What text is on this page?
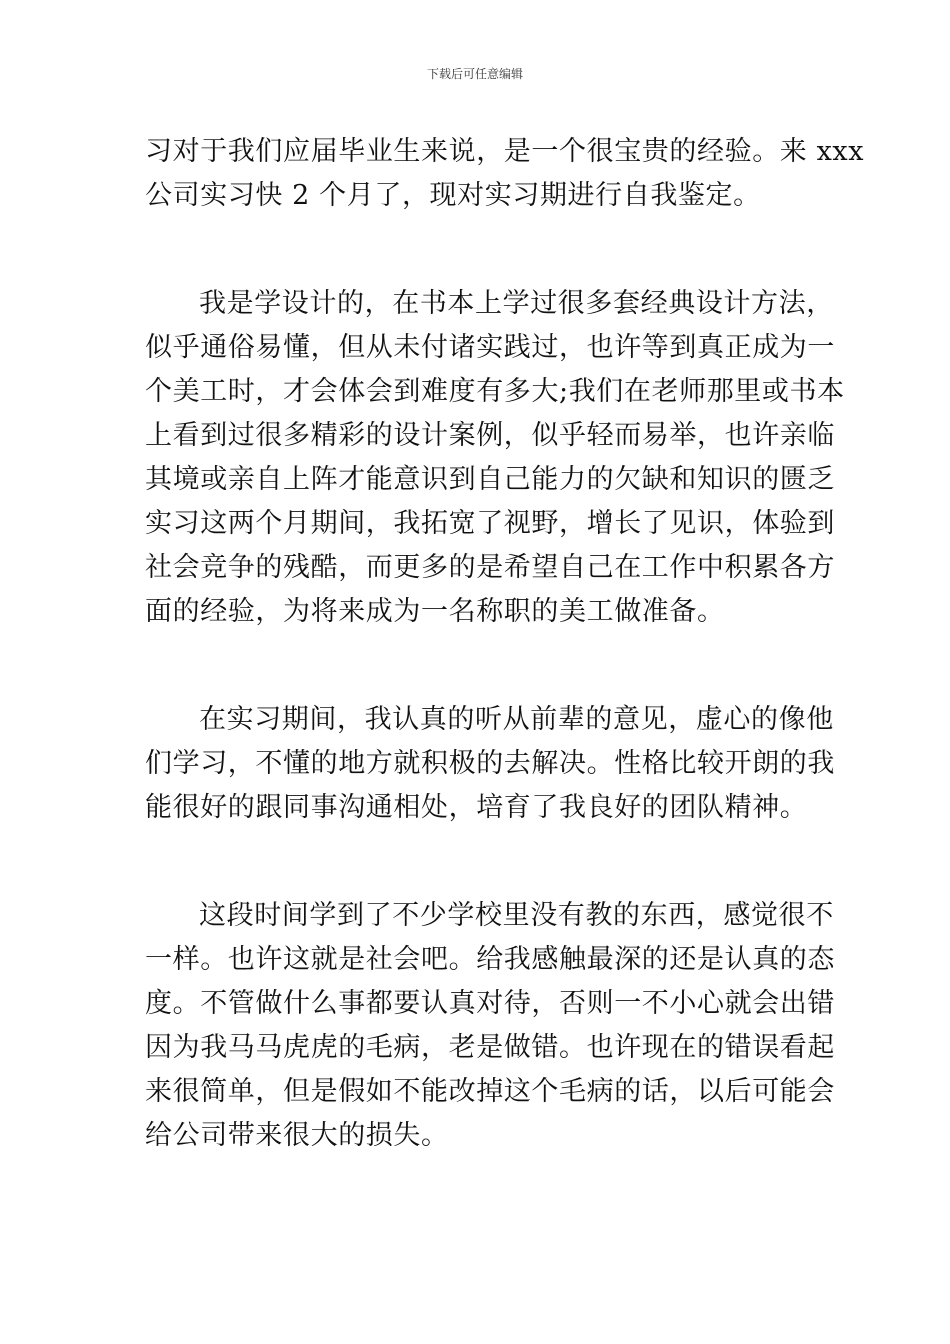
下载后可任意编辑
习对于我们应届毕业生来说，是一个很宝贵的经验。来 xxx
公司实习快 2 个月了，现对实习期进行自我鉴定。
我是学设计的，在书本上学过很多套经典设计方法，
似乎通俗易懂，但从未付诸实践过，也许等到真正成为一
个美工时，才会体会到难度有多大;我们在老师那里或书本
上看到过很多精彩的设计案例，似乎轻而易举，也许亲临
其境或亲自上阵才能意识到自己能力的欠缺和知识的匮乏
实习这两个月期间，我拓宽了视野，增长了见识，体验到
社会竞争的残酷，而更多的是希望自己在工作中积累各方
面的经验，为将来成为一名称职的美工做准备。
在实习期间，我认真的听从前辈的意见，虚心的像他
们学习，不懂的地方就积极的去解决。性格比较开朗的我
能很好的跟同事沟通相处，培育了我良好的团队精神。
这段时间学到了不少学校里没有教的东西，感觉很不
一样。也许这就是社会吧。给我感触最深的还是认真的态
度。不管做什么事都要认真对待，否则一不小心就会出错
因为我马马虎虎的毛病，老是做错。也许现在的错误看起
来很简单，但是假如不能改掉这个毛病的话，以后可能会
给公司带来很大的损失。
